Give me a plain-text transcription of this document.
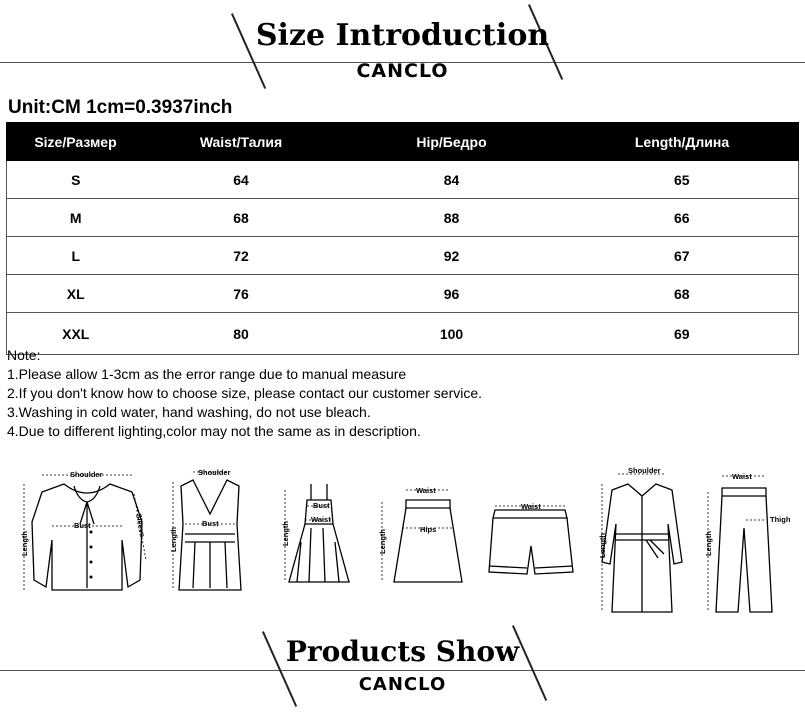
Size Introduction
CANCLO
Unit:CM 1cm=0.3937inch
Size/Размер	Waist/Талия	Hip/Бедро	Length/Длина
S	64	84	65
M	68	88	66
L	72	92	67
XL	76	96	68
XXL	80	100	69
Note:
1.Please allow 1-3cm as the error range due to manual measure
2.If you don't know how to choose size, please contact our customer service.
3.Washing in cold water, hand washing, do not use bleach.
4.Due to different lighting,color may not the same as in description.
Shoulder
Length
Bust	Sleeve
Shoulder
Length
Bust	Length
Bust
Waist
Waist
Length	Hips
Waist
Shoulder
Length
Waist
Length
Thigh
Products Show
CANCLO
